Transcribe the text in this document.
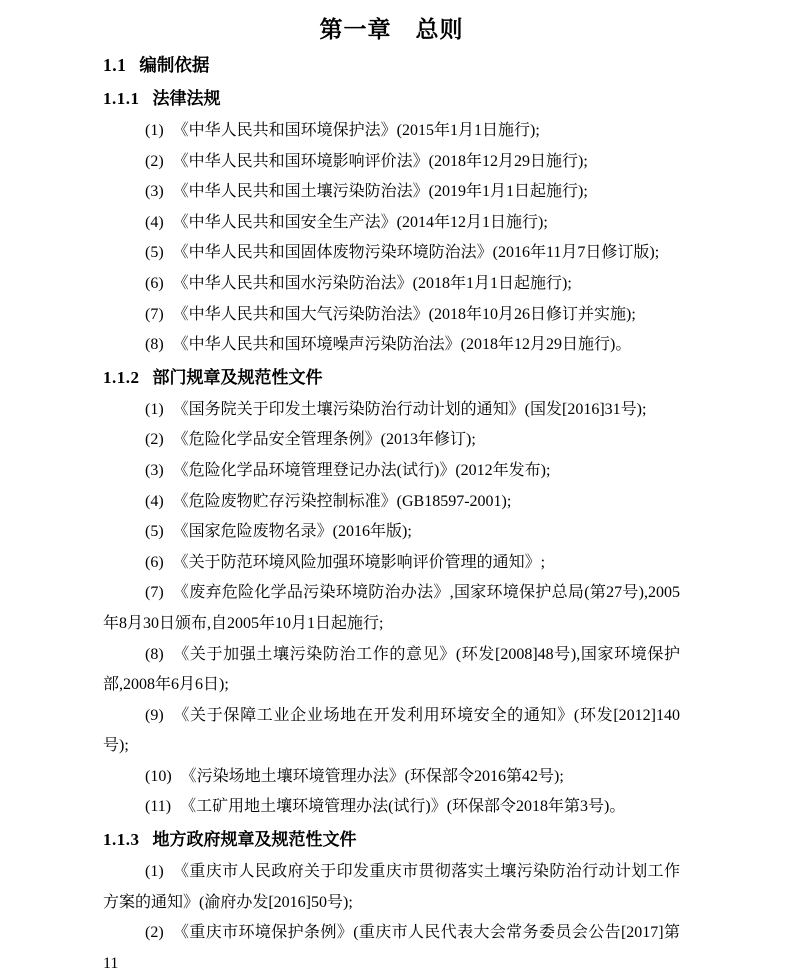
第一章　总则
1.1 编制依据
1.1.1 法律法规

(1) 《中华人民共和国环境保护法》(2015年1月1日施行);

(2) 《中华人民共和国环境影响评价法》(2018年12月29日施行);

(3) 《中华人民共和国土壤污染防治法》(2019年1月1日起施行);

(4) 《中华人民共和国安全生产法》(2014年12月1日施行);

(5) 《中华人民共和国固体废物污染环境防治法》(2016年11月7日修订版);

(6) 《中华人民共和国水污染防治法》(2018年1月1日起施行);

(7) 《中华人民共和国大气污染防治法》(2018年10月26日修订并实施);

(8) 《中华人民共和国环境噪声污染防治法》(2018年12月29日施行)。

1.1.2 部门规章及规范性文件

(1) 《国务院关于印发土壤污染防治行动计划的通知》(国发[2016]31号);

(2) 《危险化学品安全管理条例》(2013年修订);

(3) 《危险化学品环境管理登记办法(试行)》(2012年发布);

(4) 《危险废物贮存污染控制标准》(GB18597-2001);

(5) 《国家危险废物名录》(2016年版);

(6) 《关于防范环境风险加强环境影响评价管理的通知》;

(7) 《废弃危险化学品污染环境防治办法》,国家环境保护总局(第27号),2005年8月30日颁布,自2005年10月1日起施行;

(8) 《关于加强土壤污染防治工作的意见》(环发[2008]48号),国家环境保护部,2008年6月6日);

(9) 《关于保障工业企业场地在开发利用环境安全的通知》(环发[2012]140号);

(10) 《污染场地土壤环境管理办法》(环保部令2016第42号);

(11) 《工矿用地土壤环境管理办法(试行)》(环保部令2018年第3号)。

1.1.3 地方政府规章及规范性文件

(1) 《重庆市人民政府关于印发重庆市贯彻落实土壤污染防治行动计划工作方案的通知》(渝府办发[2016]50号);

(2) 《重庆市环境保护条例》(重庆市人民代表大会常务委员会公告[2017]第11
